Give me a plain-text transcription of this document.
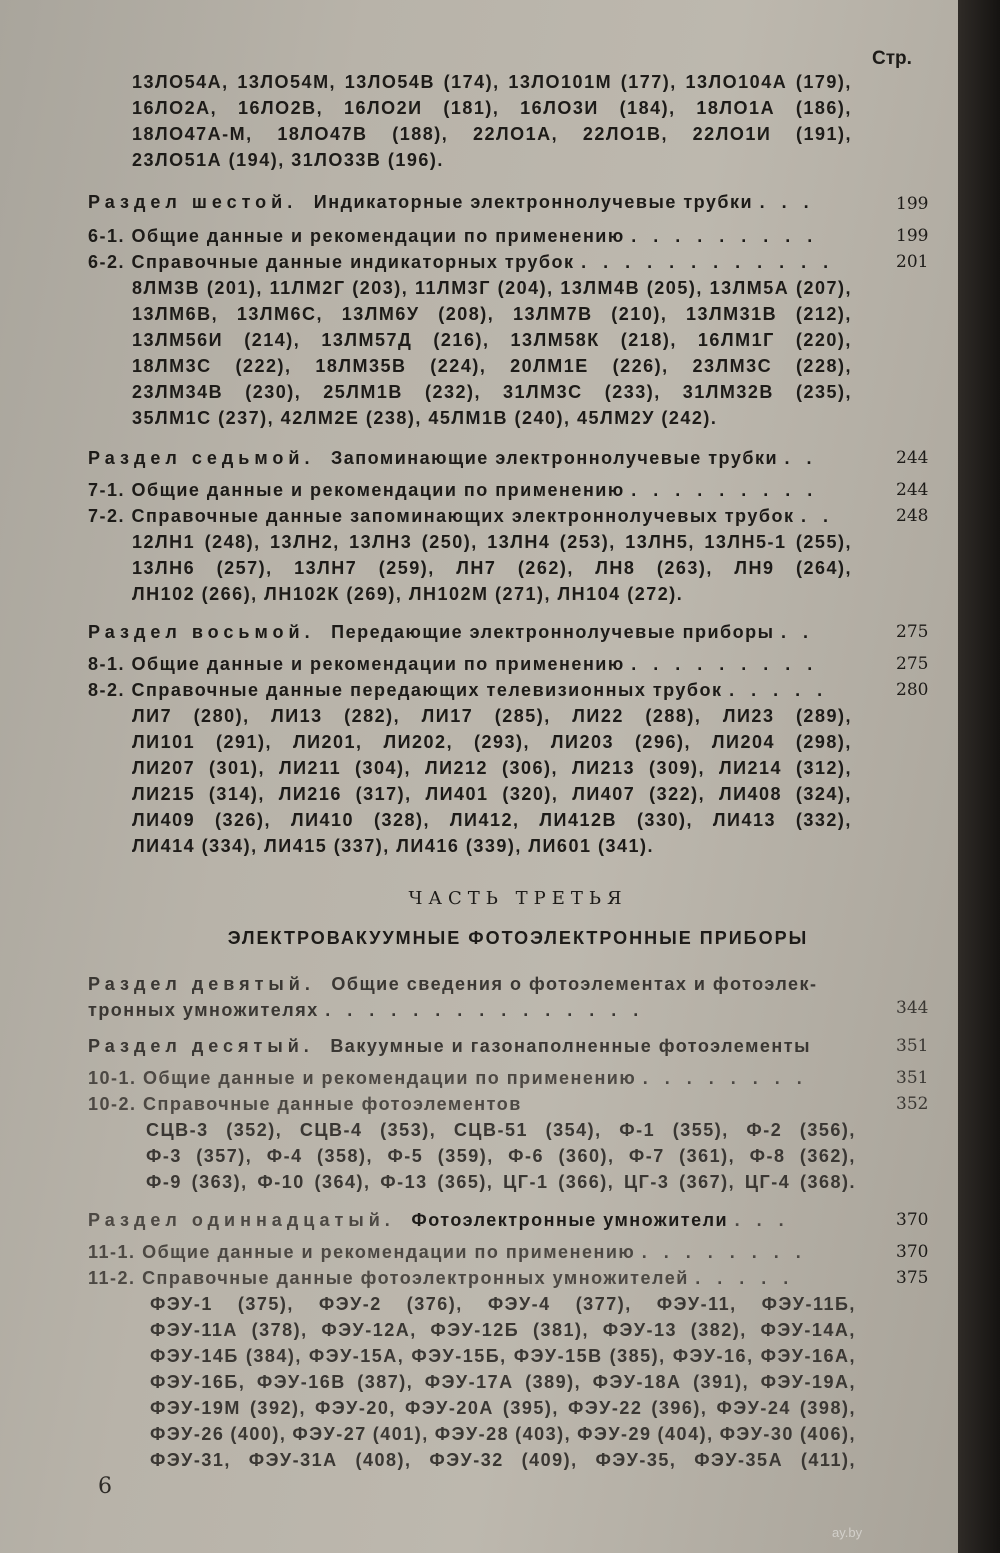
Стр.
13ЛО54А, 13ЛО54М, 13ЛО54В (174), 13ЛО101М (177), 13ЛО104А (179),
16ЛО2А, 16ЛО2В, 16ЛО2И (181), 16ЛО3И (184), 18ЛО1А (186),
18ЛО47А-М, 18ЛО47В (188), 22ЛО1А, 22ЛО1В, 22ЛО1И (191),
23ЛО51А (194), 31ЛО33В (196).
Раздел шестой. Индикаторные электроннолучевые трубки . . .	199
6-1. Общие данные и рекомендации по применению . . . . . . . . .	199
6-2. Справочные данные индикаторных трубок . . . . . . . . . . . .	201
8ЛМ3В (201), 11ЛМ2Г (203), 11ЛМ3Г (204), 13ЛМ4В (205), 13ЛМ5А (207),
13ЛМ6В, 13ЛМ6С, 13ЛМ6У (208), 13ЛМ7В (210), 13ЛМ31В (212),
13ЛМ56И (214), 13ЛМ57Д (216), 13ЛМ58К (218), 16ЛМ1Г (220),
18ЛМ3С (222), 18ЛМ35В (224), 20ЛМ1Е (226), 23ЛМ3С (228),
23ЛМ34В (230), 25ЛМ1В (232), 31ЛМ3С (233), 31ЛМ32В (235),
35ЛМ1С (237), 42ЛМ2Е (238), 45ЛМ1В (240), 45ЛМ2У (242).
Раздел седьмой. Запоминающие электроннолучевые трубки . .	244
7-1. Общие данные и рекомендации по применению . . . . . . . . .	244
7-2. Справочные данные запоминающих электроннолучевых трубок . .	248
12ЛН1 (248), 13ЛН2, 13ЛН3 (250), 13ЛН4 (253), 13ЛН5, 13ЛН5-1 (255),
13ЛН6 (257), 13ЛН7 (259), ЛН7 (262), ЛН8 (263), ЛН9 (264),
ЛН102 (266), ЛН102К (269), ЛН102М (271), ЛН104 (272).
Раздел восьмой. Передающие электроннолучевые приборы . .	275
8-1. Общие данные и рекомендации по применению . . . . . . . . .	275
8-2. Справочные данные передающих телевизионных трубок . . . . .	280
ЛИ7 (280), ЛИ13 (282), ЛИ17 (285), ЛИ22 (288), ЛИ23 (289),
ЛИ101 (291), ЛИ201, ЛИ202, (293), ЛИ203 (296), ЛИ204 (298),
ЛИ207 (301), ЛИ211 (304), ЛИ212 (306), ЛИ213 (309), ЛИ214 (312),
ЛИ215 (314), ЛИ216 (317), ЛИ401 (320), ЛИ407 (322), ЛИ408 (324),
ЛИ409 (326), ЛИ410 (328), ЛИ412, ЛИ412В (330), ЛИ413 (332),
ЛИ414 (334), ЛИ415 (337), ЛИ416 (339), ЛИ601 (341).
ЧАСТЬ ТРЕТЬЯ
ЭЛЕКТРОВАКУУМНЫЕ ФОТОЭЛЕКТРОННЫЕ ПРИБОРЫ
Раздел девятый. Общие сведения о фотоэлементах и фотоэлек-
тронных умножителях . . . . . . . . . . . . . . .	344
Раздел десятый. Вакуумные и газонаполненные фотоэлементы	351
10-1. Общие данные и рекомендации по применению . . . . . . . .	351
10-2. Справочные данные фотоэлементов	352
СЦВ-3 (352), СЦВ-4 (353), СЦВ-51 (354), Ф-1 (355), Ф-2 (356),
Ф-3 (357), Ф-4 (358), Ф-5 (359), Ф-6 (360), Ф-7 (361), Ф-8 (362),
Ф-9 (363), Ф-10 (364), Ф-13 (365), ЦГ-1 (366), ЦГ-3 (367), ЦГ-4 (368).
Раздел одиннадцатый. Фотоэлектронные умножители . . .	370
11-1. Общие данные и рекомендации по применению . . . . . . . .	370
11-2. Справочные данные фотоэлектронных умножителей . . . . .	375
ФЭУ-1 (375), ФЭУ-2 (376), ФЭУ-4 (377), ФЭУ-11, ФЭУ-11Б,
ФЭУ-11А (378), ФЭУ-12А, ФЭУ-12Б (381), ФЭУ-13 (382), ФЭУ-14А,
ФЭУ-14Б (384), ФЭУ-15А, ФЭУ-15Б, ФЭУ-15В (385), ФЭУ-16, ФЭУ-16А,
ФЭУ-16Б, ФЭУ-16В (387), ФЭУ-17А (389), ФЭУ-18А (391), ФЭУ-19А,
ФЭУ-19М (392), ФЭУ-20, ФЭУ-20А (395), ФЭУ-22 (396), ФЭУ-24 (398),
ФЭУ-26 (400), ФЭУ-27 (401), ФЭУ-28 (403), ФЭУ-29 (404), ФЭУ-30 (406),
ФЭУ-31, ФЭУ-31А (408), ФЭУ-32 (409), ФЭУ-35, ФЭУ-35А (411),
6
ay.by
